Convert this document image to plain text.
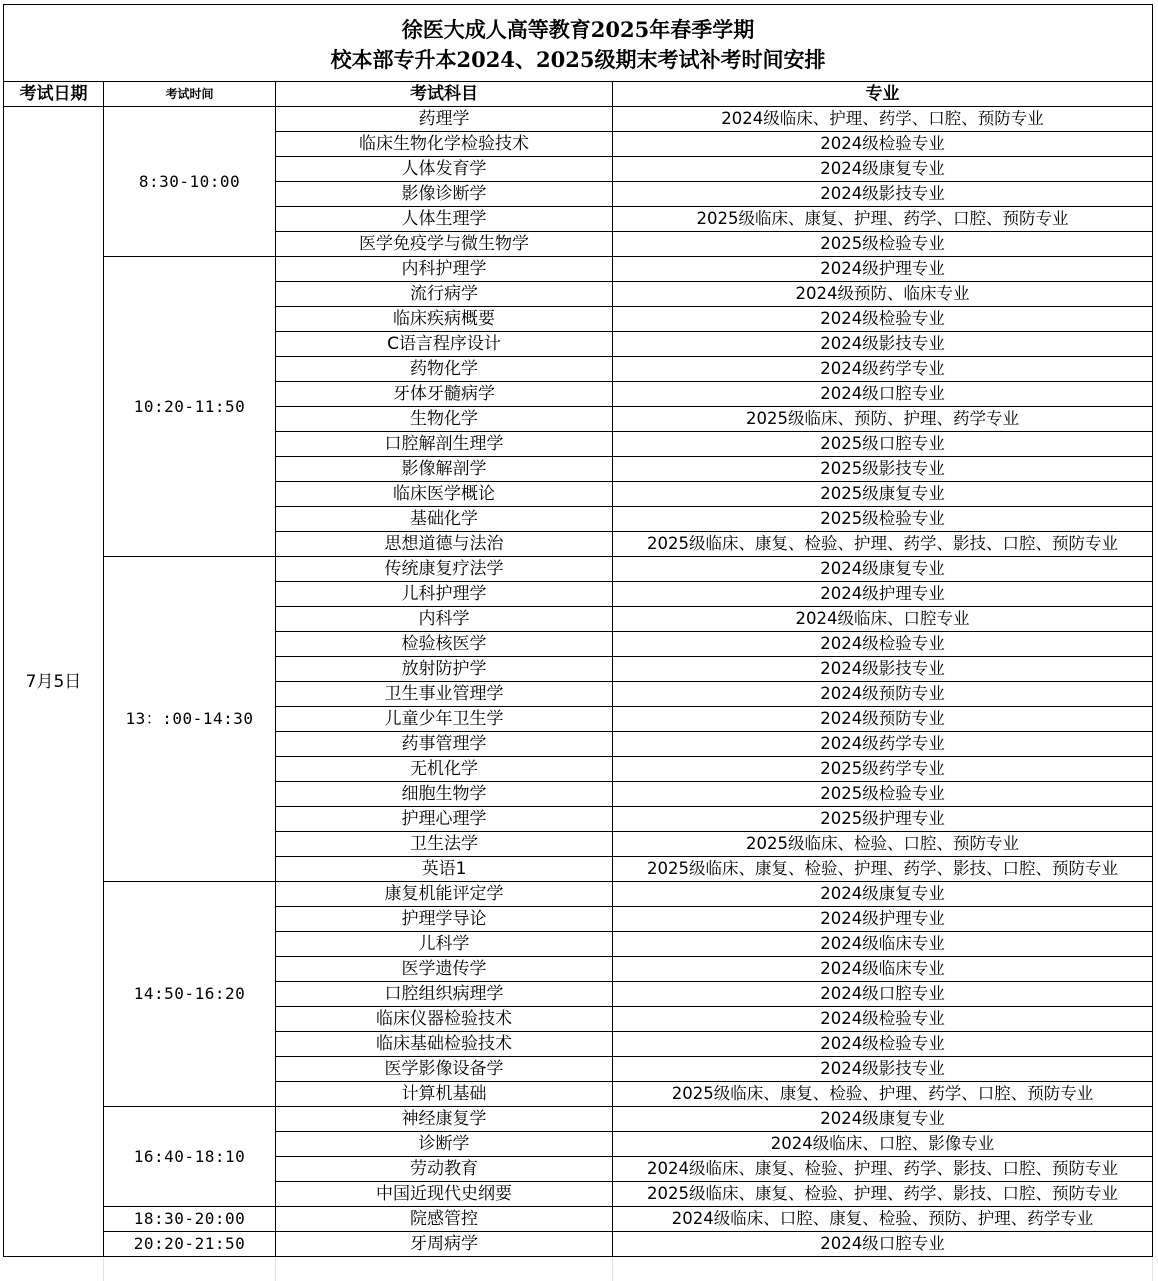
徐医大成人高等教育2025年春季学期
校本部专升本2024、2025级期末考试补考时间安排			

考试日期	考试时间	考试科目	专业
7月5日	8:30-10:00	药理学	2024级临床、护理、药学、口腔、预防专业
		临床生物化学检验技术	2024级检验专业
		人体发育学	2024级康复专业
		影像诊断学	2024级影技专业
		人体生理学	2025级临床、康复、护理、药学、口腔、预防专业
		医学免疫学与微生物学	2025级检验专业
	10:20-11:50	内科护理学	2024级护理专业
		流行病学	2024级预防、临床专业
		临床疾病概要	2024级检验专业
		C语言程序设计	2024级影技专业
		药物化学	2024级药学专业
		牙体牙髓病学	2024级口腔专业
		生物化学	2025级临床、预防、护理、药学专业
		口腔解剖生理学	2025级口腔专业
		影像解剖学	2025级影技专业
		临床医学概论	2025级康复专业
		基础化学	2025级检验专业
		思想道德与法治	2025级临床、康复、检验、护理、药学、影技、口腔、预防专业
	13：:00-14:30	传统康复疗法学	2024级康复专业
		儿科护理学	2024级护理专业
		内科学	2024级临床、口腔专业
		检验核医学	2024级检验专业
		放射防护学	2024级影技专业
		卫生事业管理学	2024级预防专业
		儿童少年卫生学	2024级预防专业
		药事管理学	2024级药学专业
		无机化学	2025级药学专业
		细胞生物学	2025级检验专业
		护理心理学	2025级护理专业
		卫生法学	2025级临床、检验、口腔、预防专业
		英语1	2025级临床、康复、检验、护理、药学、影技、口腔、预防专业
	14:50-16:20	康复机能评定学	2024级康复专业
		护理学导论	2024级护理专业
		儿科学	2024级临床专业
		医学遗传学	2024级临床专业
		口腔组织病理学	2024级口腔专业
		临床仪器检验技术	2024级检验专业
		临床基础检验技术	2024级检验专业
		医学影像设备学	2024级影技专业
		计算机基础	2025级临床、康复、检验、护理、药学、口腔、预防专业
	16:40-18:10	神经康复学	2024级康复专业
		诊断学	2024级临床、口腔、影像专业
		劳动教育	2024级临床、康复、检验、护理、药学、影技、口腔、预防专业
		中国近现代史纲要	2025级临床、康复、检验、护理、药学、影技、口腔、预防专业
	18:30-20:00	院感管控	2024级临床、口腔、康复、检验、预防、护理、药学专业
	20:20-21:50	牙周病学	2024级口腔专业
